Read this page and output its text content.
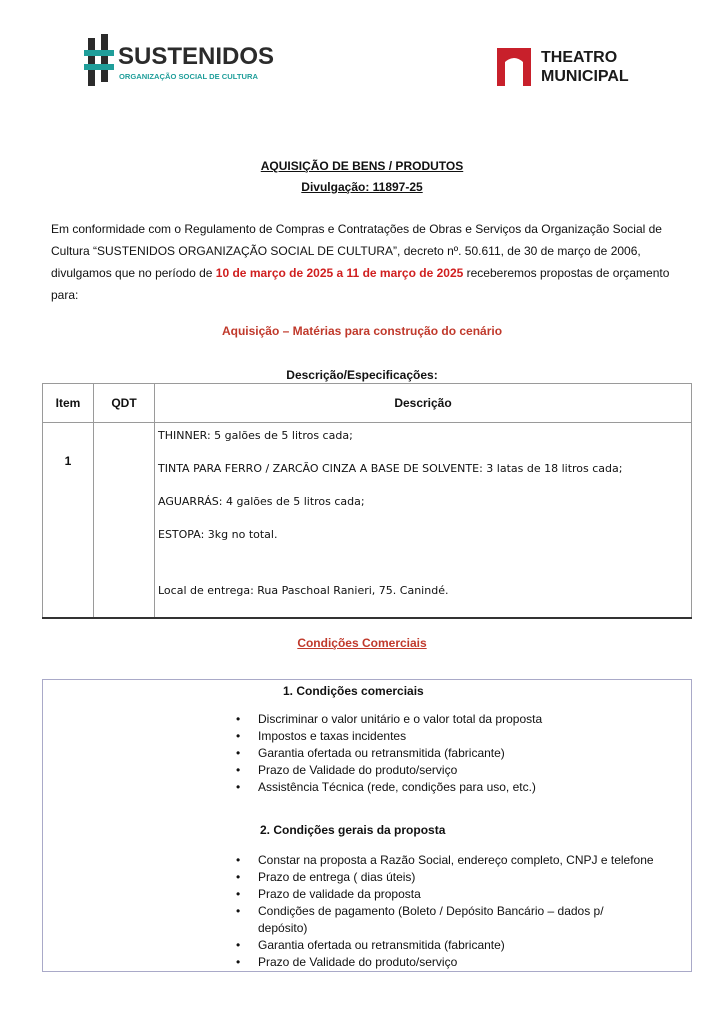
SUSTENIDOS
ORGANIZAÇÃO SOCIAL DE CULTURA
THEATRO
MUNICIPAL
AQUISIÇÃO DE BENS / PRODUTOS
Divulgação: 11897-25
Em conformidade com o Regulamento de Compras e Contratações de Obras e Serviços da Organização Social de Cultura “SUSTENIDOS ORGANIZAÇÃO SOCIAL DE CULTURA”, decreto nº. 50.611, de 30 de março de 2006, divulgamos que no período de 10 de março de 2025 a 11 de março de 2025 receberemos propostas de orçamento para:
Aquisição – Matérias para construção do cenário
Descrição/Especificações:
Item	QDT	Descrição
1		THINNER: 5 galões de 5 litros cada;

TINTA PARA FERRO / ZARCÃO CINZA A BASE DE SOLVENTE: 3 latas de 18 litros cada;

AGUARRÁS: 4 galões de 5 litros cada;

ESTOPA: 3kg no total.

Local de entrega: Rua Paschoal Ranieri, 75. Canindé.

Condições Comerciais
1. Condições comerciais
• Discriminar o valor unitário e o valor total da proposta
• Impostos e taxas incidentes
• Garantia ofertada ou retransmitida (fabricante)
• Prazo de Validade do produto/serviço
• Assistência Técnica (rede, condições para uso, etc.)
2. Condições gerais da proposta
• Constar na proposta a Razão Social, endereço completo, CNPJ e telefone
• Prazo de entrega ( dias úteis)
• Prazo de validade da proposta
• Condições de pagamento (Boleto / Depósito Bancário – dados p/ depósito)
• Garantia ofertada ou retransmitida (fabricante)
• Prazo de Validade do produto/serviço
